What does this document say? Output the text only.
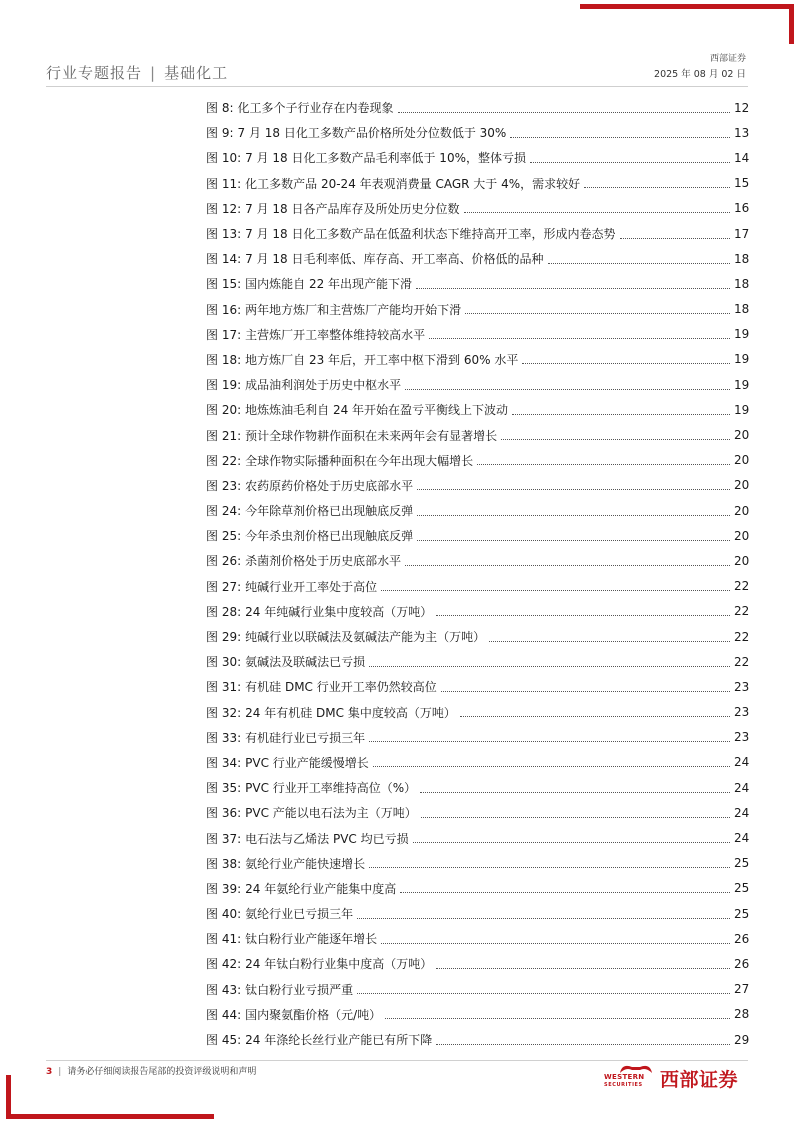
行业专题报告 | 基础化工
西部证券
2025 年 08 月 02 日
图 8: 化工多个子行业存在内卷现象	12
图 9: 7 月 18 日化工多数产品价格所处分位数低于 30%	13
图 10: 7 月 18 日化工多数产品毛利率低于 10%，整体亏损	14
图 11: 化工多数产品 20-24 年表观消费量 CAGR 大于 4%，需求较好	15
图 12: 7 月 18 日各产品库存及所处历史分位数	16
图 13: 7 月 18 日化工多数产品在低盈利状态下维持高开工率，形成内卷态势	17
图 14: 7 月 18 日毛利率低、库存高、开工率高、价格低的品种	18
图 15: 国内炼能自 22 年出现产能下滑	18
图 16: 两年地方炼厂和主营炼厂产能均开始下滑	18
图 17: 主营炼厂开工率整体维持较高水平	19
图 18: 地方炼厂自 23 年后，开工率中枢下滑到 60% 水平	19
图 19: 成品油利润处于历史中枢水平	19
图 20: 地炼炼油毛利自 24 年开始在盈亏平衡线上下波动	19
图 21: 预计全球作物耕作面积在未来两年会有显著增长	20
图 22: 全球作物实际播种面积在今年出现大幅增长	20
图 23: 农药原药价格处于历史底部水平	20
图 24: 今年除草剂价格已出现触底反弹	20
图 25: 今年杀虫剂价格已出现触底反弹	20
图 26: 杀菌剂价格处于历史底部水平	20
图 27: 纯碱行业开工率处于高位	22
图 28: 24 年纯碱行业集中度较高（万吨）	22
图 29: 纯碱行业以联碱法及氨碱法产能为主（万吨）	22
图 30: 氨碱法及联碱法已亏损	22
图 31: 有机硅 DMC 行业开工率仍然较高位	23
图 32: 24 年有机硅 DMC 集中度较高（万吨）	23
图 33: 有机硅行业已亏损三年	23
图 34: PVC 行业产能缓慢增长	24
图 35: PVC 行业开工率维持高位（%）	24
图 36: PVC 产能以电石法为主（万吨）	24
图 37: 电石法与乙烯法 PVC 均已亏损	24
图 38: 氨纶行业产能快速增长	25
图 39: 24 年氨纶行业产能集中度高	25
图 40: 氨纶行业已亏损三年	25
图 41: 钛白粉行业产能逐年增长	26
图 42: 24 年钛白粉行业集中度高（万吨）	26
图 43: 钛白粉行业亏损严重	27
图 44: 国内聚氨酯价格（元/吨）	28
图 45: 24 年涤纶长丝行业产能已有所下降	29
3 | 请务必仔细阅读报告尾部的投资评级说明和声明	WESTERN
SECURITIES 西部证券
